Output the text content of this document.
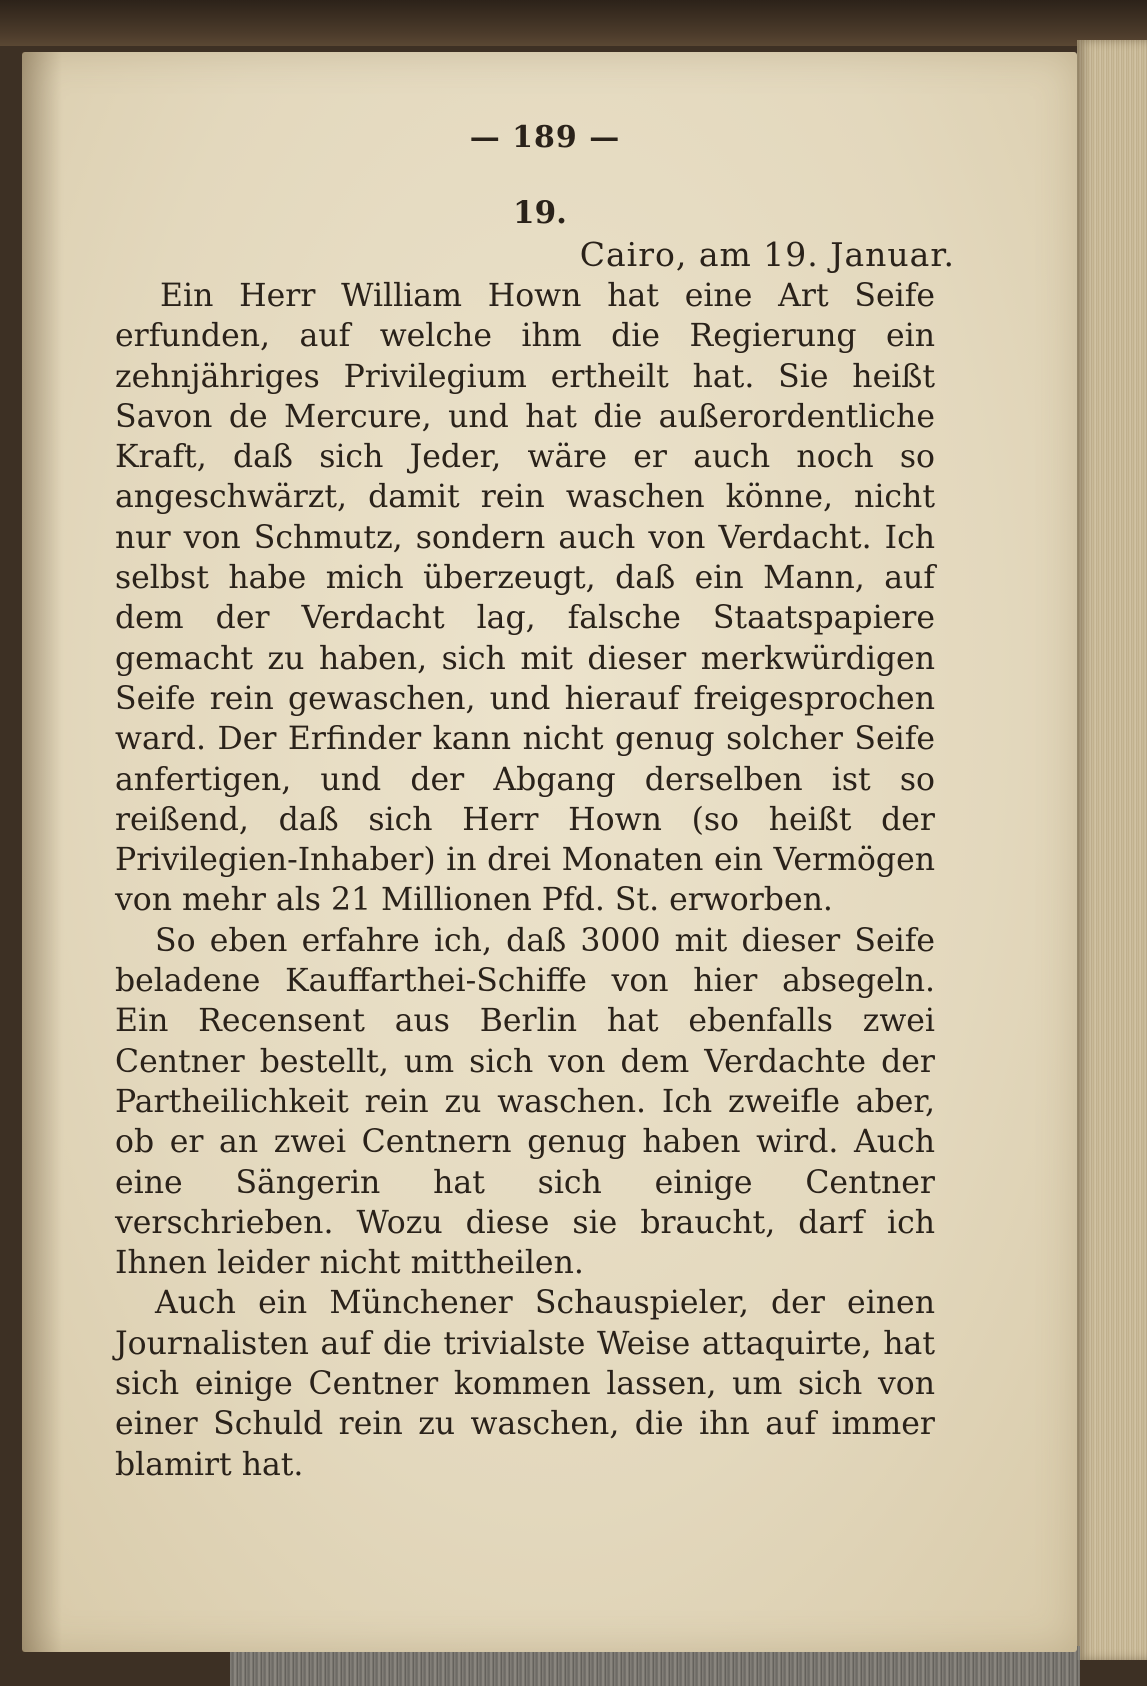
— 189 —
19.
Cairo, am 19. Januar.

Ein Herr William Hown hat eine Art Seife erfunden, auf welche ihm die Regierung ein zehnjähriges Privilegium ertheilt hat. Sie heißt Savon de Mercure, und hat die außerordentliche Kraft, daß sich Jeder, wäre er auch noch so angeschwärzt, damit rein waschen könne, nicht nur von Schmutz, sondern auch von Verdacht. Ich selbst habe mich überzeugt, daß ein Mann, auf dem der Verdacht lag, falsche Staatspapiere gemacht zu haben, sich mit dieser merkwürdigen Seife rein gewaschen, und hierauf freigesprochen ward. Der Erfinder kann nicht genug solcher Seife anfertigen, und der Abgang derselben ist so reißend, daß sich Herr Hown (so heißt der Privilegien-Inhaber) in drei Monaten ein Vermögen von mehr als 21 Millionen Pfd. St. erworben.

So eben erfahre ich, daß 3000 mit dieser Seife beladene Kauffarthei-Schiffe von hier absegeln. Ein Recensent aus Berlin hat ebenfalls zwei Centner bestellt, um sich von dem Verdachte der Partheilichkeit rein zu waschen. Ich zweifle aber, ob er an zwei Centnern genug haben wird. Auch eine Sängerin hat sich einige Centner verschrieben. Wozu diese sie braucht, darf ich Ihnen leider nicht mittheilen.

Auch ein Münchener Schauspieler, der einen Journalisten auf die trivialste Weise attaquirte, hat sich einige Centner kommen lassen, um sich von einer Schuld rein zu waschen, die ihn auf immer blamirt hat.
